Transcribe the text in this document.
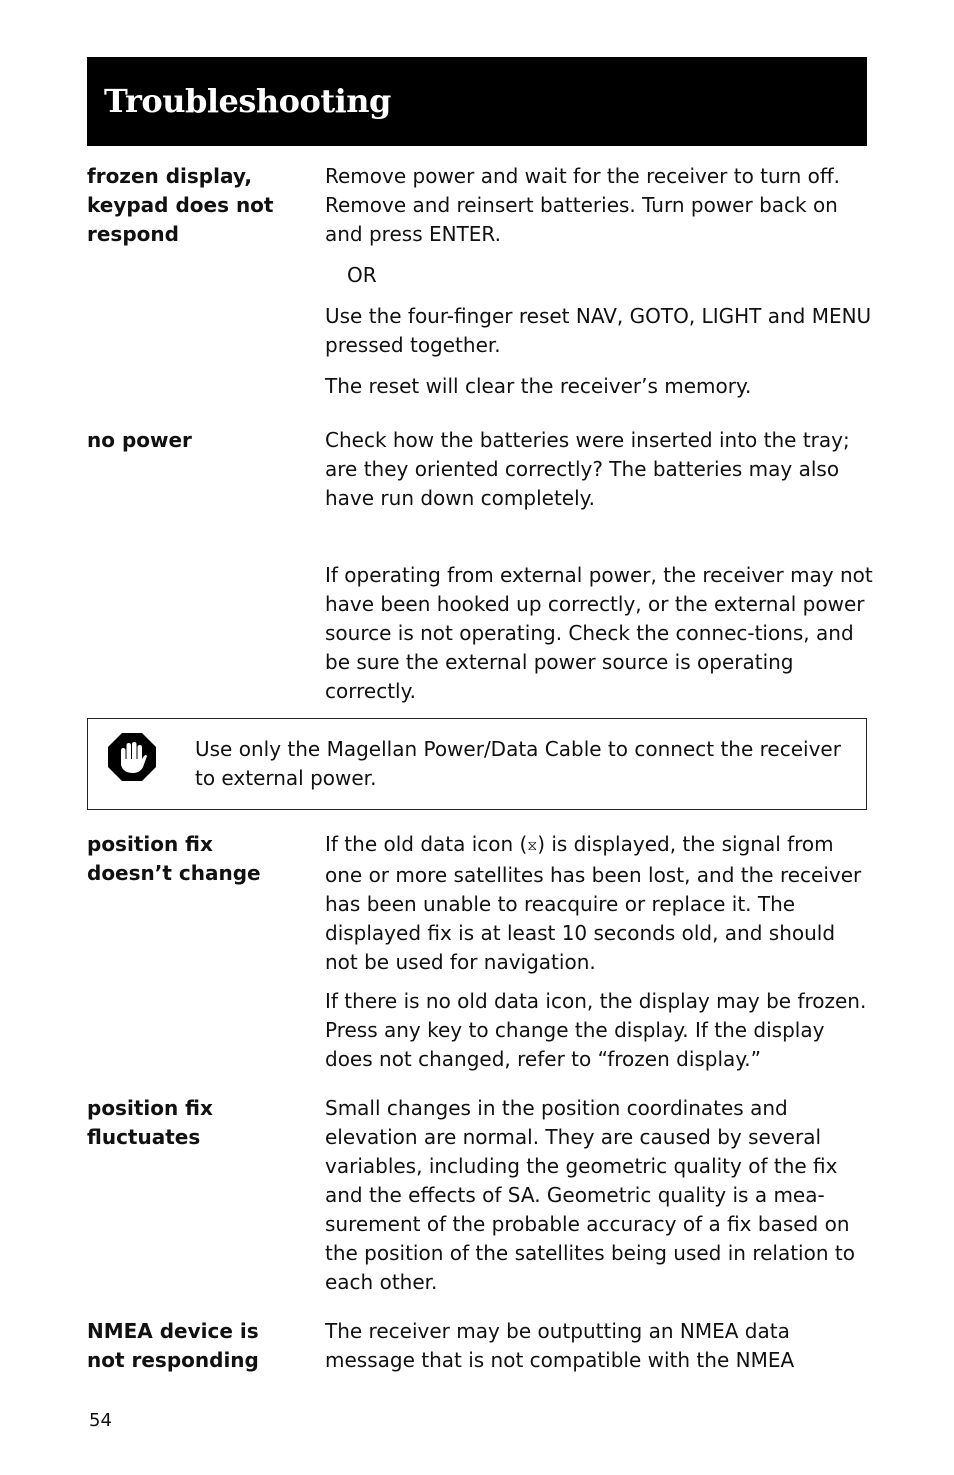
Troubleshooting

frozen display, keypad does not respond

Remove power and wait for the receiver to turn off. Remove and reinsert batteries. Turn power back on and press ENTER.

OR

Use the four-finger reset NAV, GOTO, LIGHT and MENU pressed together.

The reset will clear the receiver’s memory.

no power	Check how the batteries were inserted into the tray; are they oriented correctly? The batteries may also have run down completely.

If operating from external power, the receiver may not have been hooked up correctly, or the external power source is not operating. Check the connec-tions, and be sure the external power source is operating correctly.

Use only the Magellan Power/Data Cable to connect the receiver to external power.

position fix doesn’t change

If the old data icon (⧖) is displayed, the signal from one or more satellites has been lost, and the receiver has been unable to reacquire or replace it. The displayed fix is at least 10 seconds old, and should not be used for navigation.

If there is no old data icon, the display may be frozen. Press any key to change the display. If the display does not changed, refer to “frozen display.”

position fix fluctuates

Small changes in the position coordinates and elevation are normal. They are caused by several variables, including the geometric quality of the fix and the effects of SA. Geometric quality is a mea-surement of the probable accuracy of a fix based on the position of the satellites being used in relation to each other.

NMEA device is not responding

The receiver may be outputting an NMEA data message that is not compatible with the NMEA

54
